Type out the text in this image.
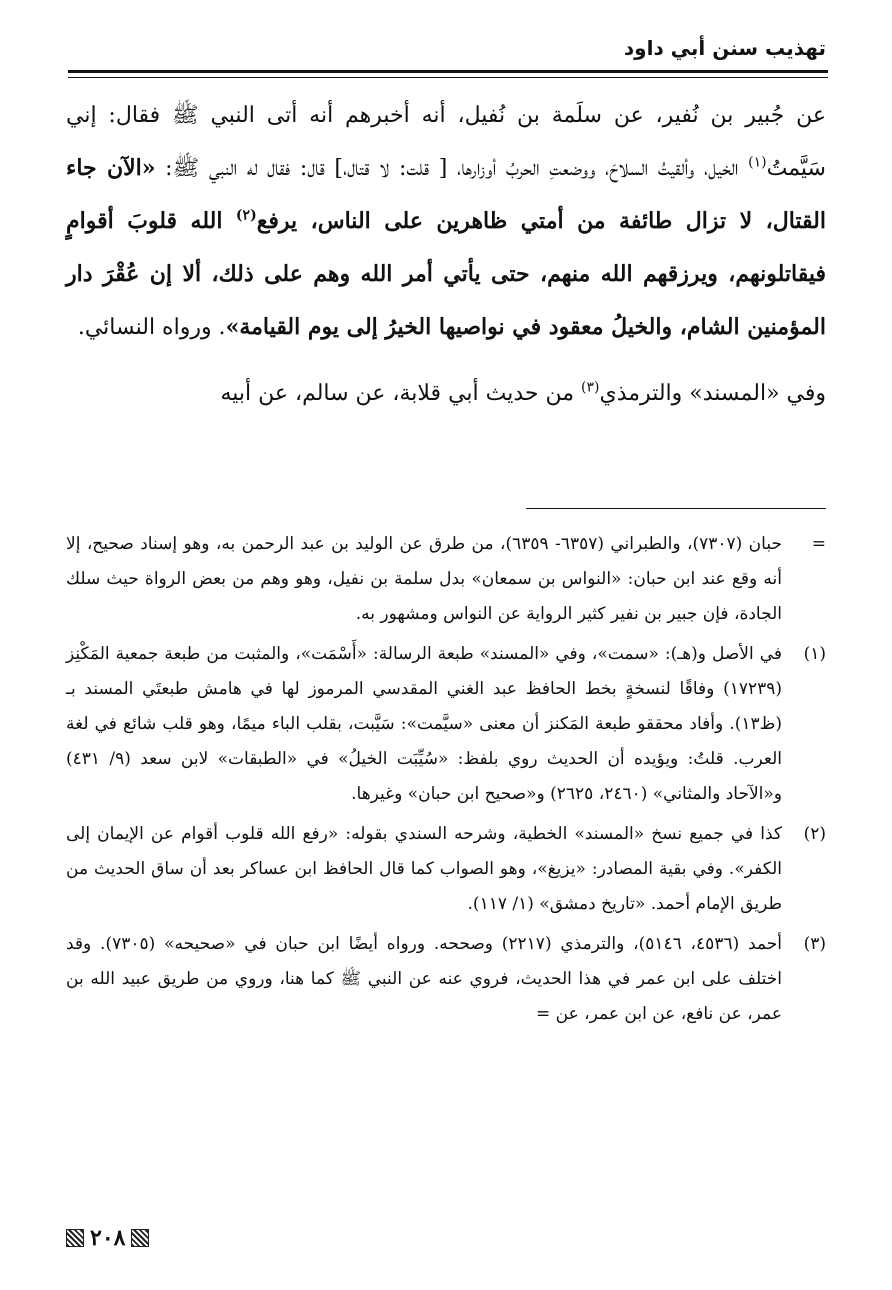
تهذيب سنن أبي داود

عن جُبير بن نُفير، عن سلَمة بن نُفيل، أنه أخبرهم أنه أتى النبي ﷺ فقال: إني سَيَّمتُ$^{(١)}$ الخيل، وألقيتُ السلاحَ، ووضعتِ الحربُ أوزارها، [ قلت: لا قتال،] قال: فقال له النبي ﷺ: «الآن جاء القتال، لا تزال طائفة من أمتي ظاهرين على الناس، يرفع$^{(٢)}$ الله قلوبَ أقوامٍ فيقاتلونهم، ويرزقهم الله منهم، حتى يأتي أمر الله وهم على ذلك، ألا إن عُقْرَ دار المؤمنين الشام، والخيلُ معقود في نواصيها الخيرُ إلى يوم القيامة». ورواه النسائي.

وفي «المسند» والترمذي$^{(٣)}$ من حديث أبي قلابة، عن سالم، عن أبيه

=
حبان (٧٣٠٧)، والطبراني (٦٣٥٧- ٦٣٥٩)، من طرق عن الوليد بن عبد الرحمن به، وهو إسناد صحيح، إلا أنه وقع عند ابن حبان: «النواس بن سمعان» بدل سلمة بن نفيل، وهو وهم من بعض الرواة حيث سلك الجادة، فإن جبير بن نفير كثير الرواية عن النواس ومشهور به.
(١)
في الأصل و(هـ): «سمت»، وفي «المسند» طبعة الرسالة: «أَسْمَت»، والمثبت من طبعة جمعية المَكْنِز (١٧٢٣٩) وفاقًا لنسخةٍ بخط الحافظ عبد الغني المقدسي المرموز لها في هامش طبعتَي المسند بـ (ظ١٣). وأفاد محققو طبعة المَكنز أن معنى «سيَّمت»: سَيَّبت، بقلب الباء ميمًا، وهو قلب شائع في لغة العرب. قلتُ: ويؤيده أن الحديث روي بلفظ: «سُيِّبَت الخيلُ» في «الطبقات» لابن سعد (٩/ ٤٣١) و«الآحاد والمثاني» (٢٤٦٠، ٢٦٢٥) و«صحيح ابن حبان» وغيرها.
(٢)
كذا في جميع نسخ «المسند» الخطية، وشرحه السندي بقوله: «رفع الله قلوب أقوام عن الإيمان إلى الكفر». وفي بقية المصادر: «يزيغ»، وهو الصواب كما قال الحافظ ابن عساكر بعد أن ساق الحديث من طريق الإمام أحمد. «تاريخ دمشق» (١/ ١١٧).
(٣)
أحمد (٤٥٣٦، ٥١٤٦)، والترمذي (٢٢١٧) وصححه. ورواه أيضًا ابن حبان في «صحيحه» (٧٣٠٥). وقد اختلف على ابن عمر في هذا الحديث، فروي عنه عن النبي ﷺ كما هنا، وروي من طريق عبيد الله بن عمر، عن نافع، عن ابن عمر، عن =
٢٠٨
